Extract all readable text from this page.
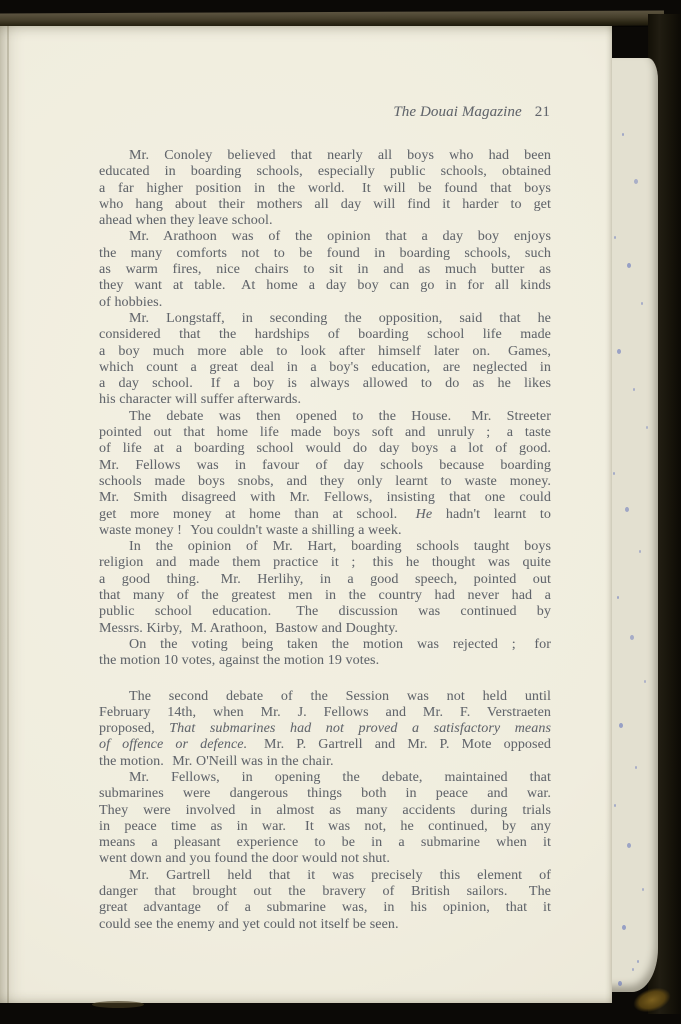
The Douai Magazine 21

Mr. Conoley believed that nearly all boys who had been
educated in boarding schools, especially public schools, obtained
a far higher position in the world.  It will be found that boys
who hang about their mothers all day will find it harder to get
ahead when they leave school.

Mr. Arathoon was of the opinion that a day boy enjoys
the many comforts not to be found in boarding schools, such
as warm fires, nice chairs to sit in and as much butter as
they want at table.  At home a day boy can go in for all kinds
of hobbies.

Mr. Longstaff, in seconding the opposition, said that he
considered that the hardships of boarding school life made
a boy much more able to look after himself later on.  Games,
which count a great deal in a boy's education, are neglected in
a day school.  If a boy is always allowed to do as he likes
his character will suffer afterwards.

The debate was then opened to the House.  Mr. Streeter
pointed out that home life made boys soft and unruly ;  a taste
of life at a boarding school would do day boys a lot of good.
Mr. Fellows was in favour of day schools because boarding
schools made boys snobs, and they only learnt to waste money.
Mr. Smith disagreed with Mr. Fellows, insisting that one could
get more money at home than at school.  He hadn't learnt to
waste money !  You couldn't waste a shilling a week.

In the opinion of Mr. Hart, boarding schools taught boys
religion and made them practice it ;  this he thought was quite
a good thing.  Mr. Herlihy, in a good speech, pointed out
that many of the greatest men in the country had never had a
public school education.  The discussion was continued by
Messrs. Kirby,  M. Arathoon,  Bastow and Doughty.

On the voting being taken the motion was rejected ;  for
the motion 10 votes, against the motion 19 votes.

The second debate of the Session was not held until
February 14th, when Mr. J. Fellows and Mr. F. Verstraeten
proposed, That submarines had not proved a satisfactory means
of offence or defence.  Mr. P. Gartrell and Mr. P. Mote opposed
the motion.  Mr. O'Neill was in the chair.

Mr. Fellows, in opening the debate, maintained that
submarines were dangerous things both in peace and war.
They were involved in almost as many accidents during trials
in peace time as in war.  It was not, he continued, by any
means a pleasant experience to be in a submarine when it
went down and you found the door would not shut.

Mr. Gartrell held that it was precisely this element of
danger that brought out the bravery of British sailors.  The
great advantage of a submarine was, in his opinion, that it
could see the enemy and yet could not itself be seen.
